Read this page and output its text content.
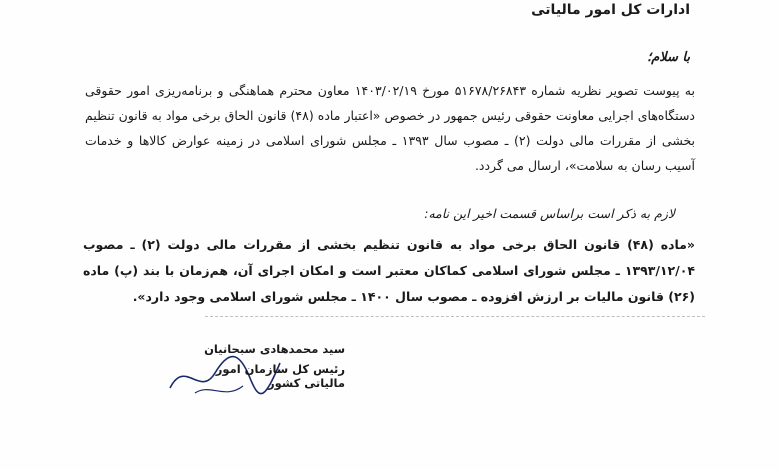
ادارات کل امور مالیاتی
با سلام؛

به پیوست تصویر نظریه شماره ۵۱۶۷۸/۲۶۸۴۳ مورخ ۱۴۰۳/۰۲/۱۹ معاون محترم هماهنگی و برنامه‌ریزی امور حقوقی دستگاه‌های اجرایی معاونت حقوقی رئیس جمهور در خصوص «اعتبار ماده (۴۸) قانون الحاق برخی مواد به قانون تنظیم بخشی از مقررات مالی دولت (۲) ـ مصوب سال ۱۳۹۳ ـ مجلس شورای اسلامی در زمینه عوارض کالاها و خدمات آسیب رسان به سلامت»، ارسال می گردد.

لازم به ذکر است براساس قسمت اخیر این نامه:

«ماده (۴۸) قانون الحاق برخی مواد به قانون تنظیم بخشی از مقررات مالی دولت (۲) ـ مصوب ۱۳۹۳/۱۲/۰۴ ـ مجلس شورای اسلامی کماکان معتبر است و امکان اجرای آن، هم‌زمان با بند (پ) ماده (۲۶) قانون مالیات بر ارزش افزوده ـ مصوب سال ۱۴۰۰ ـ مجلس شورای اسلامی وجود دارد».

سید محمدهادی سبحانیان
رئیس کل سازمان امور مالیاتی کشور
